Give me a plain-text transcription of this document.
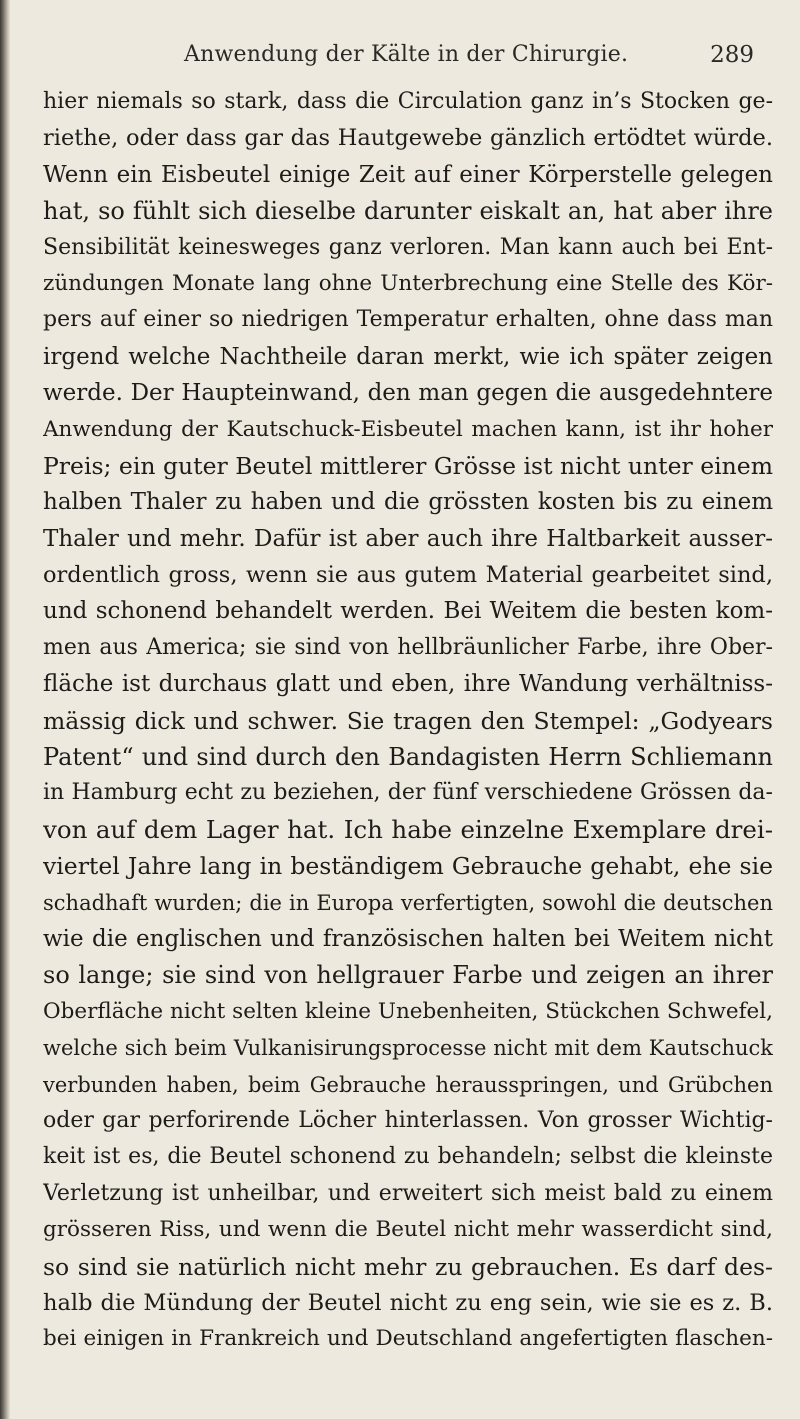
Anwendung der Kälte in der Chirurgie.	289
hier niemals so stark, dass die Circulation ganz in’s Stocken ge-
riethe, oder dass gar das Hautgewebe gänzlich ertödtet würde.
Wenn ein Eisbeutel einige Zeit auf einer Körperstelle gelegen
hat, so fühlt sich dieselbe darunter eiskalt an, hat aber ihre
Sensibilität keinesweges ganz verloren. Man kann auch bei Ent-
zündungen Monate lang ohne Unterbrechung eine Stelle des Kör-
pers auf einer so niedrigen Temperatur erhalten, ohne dass man
irgend welche Nachtheile daran merkt, wie ich später zeigen
werde. Der Haupteinwand, den man gegen die ausgedehntere
Anwendung der Kautschuck-Eisbeutel machen kann, ist ihr hoher
Preis; ein guter Beutel mittlerer Grösse ist nicht unter einem
halben Thaler zu haben und die grössten kosten bis zu einem
Thaler und mehr. Dafür ist aber auch ihre Haltbarkeit ausser-
ordentlich gross, wenn sie aus gutem Material gearbeitet sind,
und schonend behandelt werden. Bei Weitem die besten kom-
men aus America; sie sind von hellbräunlicher Farbe, ihre Ober-
fläche ist durchaus glatt und eben, ihre Wandung verhältniss-
mässig dick und schwer. Sie tragen den Stempel: „Godyears
Patent“ und sind durch den Bandagisten Herrn Schliemann
in Hamburg echt zu beziehen, der fünf verschiedene Grössen da-
von auf dem Lager hat. Ich habe einzelne Exemplare drei-
viertel Jahre lang in beständigem Gebrauche gehabt, ehe sie
schadhaft wurden; die in Europa verfertigten, sowohl die deutschen
wie die englischen und französischen halten bei Weitem nicht
so lange; sie sind von hellgrauer Farbe und zeigen an ihrer
Oberfläche nicht selten kleine Unebenheiten, Stückchen Schwefel,
welche sich beim Vulkanisirungsprocesse nicht mit dem Kautschuck
verbunden haben, beim Gebrauche herausspringen, und Grübchen
oder gar perforirende Löcher hinterlassen. Von grosser Wichtig-
keit ist es, die Beutel schonend zu behandeln; selbst die kleinste
Verletzung ist unheilbar, und erweitert sich meist bald zu einem
grösseren Riss, und wenn die Beutel nicht mehr wasserdicht sind,
so sind sie natürlich nicht mehr zu gebrauchen. Es darf des-
halb die Mündung der Beutel nicht zu eng sein, wie sie es z. B.
bei einigen in Frankreich und Deutschland angefertigten flaschen-
